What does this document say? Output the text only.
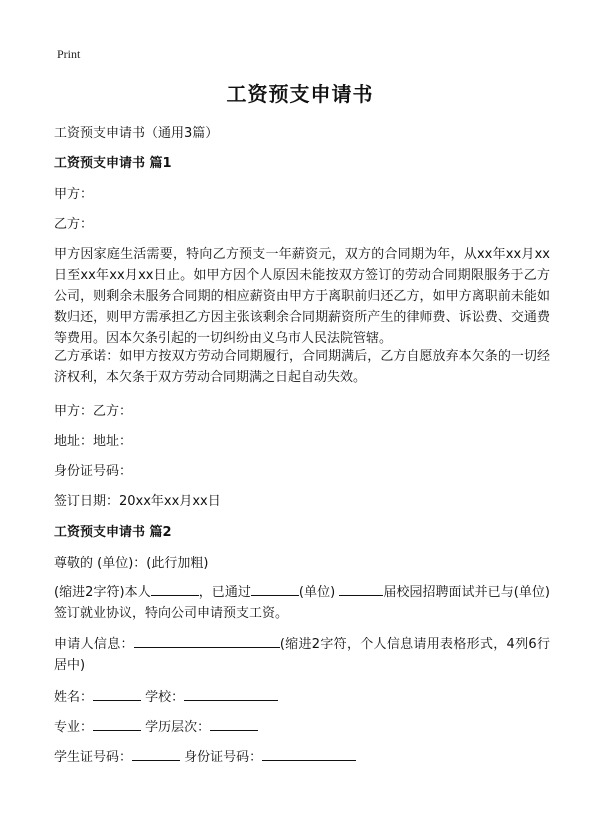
Print
工资预支申请书
工资预支申请书（通用3篇）
工资预支申请书 篇1
甲方：
乙方：
甲方因家庭生活需要，特向乙方预支一年薪资元，双方的合同期为年，从xx年xx月xx日至xx年xx月xx日止。如甲方因个人原因未能按双方签订的劳动合同期限服务于乙方公司，则剩余未服务合同期的相应薪资由甲方于离职前归还乙方，如甲方离职前未能如数归还，则甲方需承担乙方因主张该剩余合同期薪资所产生的律师费、诉讼费、交通费等费用。因本欠条引起的一切纠纷由义乌市人民法院管辖。
乙方承诺：如甲方按双方劳动合同期履行，合同期满后，乙方自愿放弃本欠条的一切经济权利，本欠条于双方劳动合同期满之日起自动失效。
甲方：乙方：
地址：地址：
身份证号码：
签订日期：20xx年xx月xx日
工资预支申请书 篇2
尊敬的 (单位)：(此行加粗)
(缩进2字符)本人	，已通过	(单位)	届校园招聘面试并已与(单位)签订就业协议，特向公司申请预支工资。
申请人信息：	(缩进2字符，个人信息请用表格形式，4列6行居中)
姓名：	学校：
专业：	学历层次：
学生证号码：	身份证号码：
